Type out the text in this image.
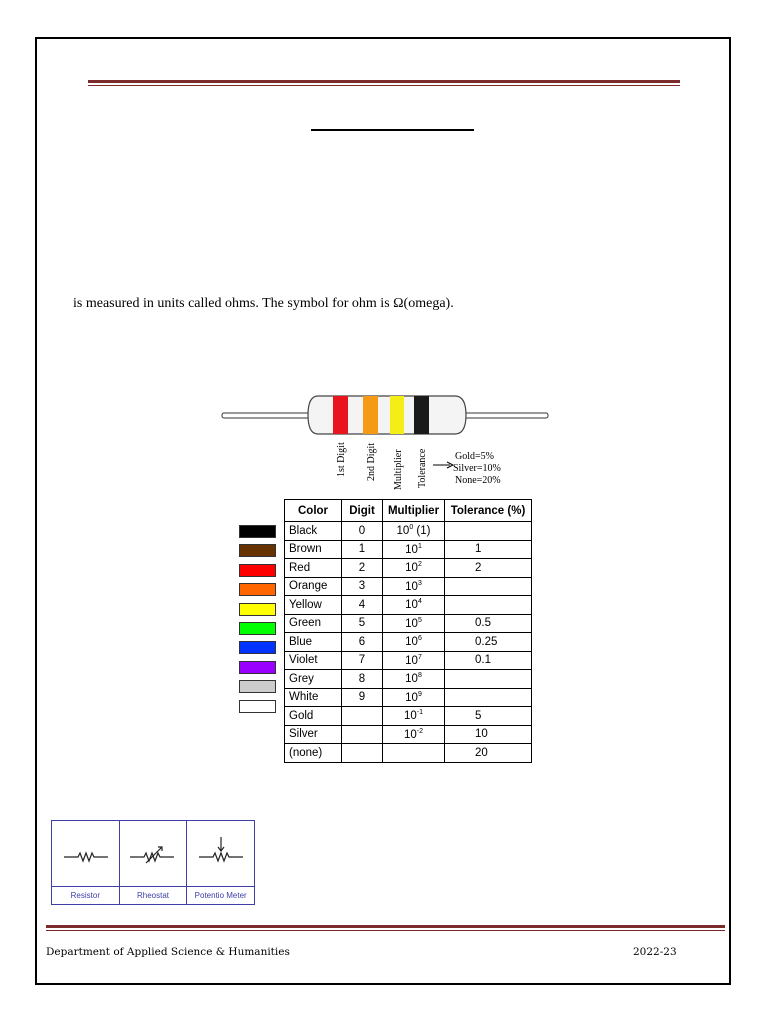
is measured in units called ohms. The symbol for ohm is Ω(omega).
1st Digit 2nd Digit Multiplier Tolerance	Gold=5%
Silver=10%
None=20%
Color	Digit	Multiplier	Tolerance (%)
Black	0	$10^0$ (1)	
Brown	1	$10^1$	1
Red	2	$10^2$	2
Orange	3	$10^3$	
Yellow	4	$10^4$	
Green	5	$10^5$	0.5
Blue	6	$10^6$	0.25
Violet	7	$10^7$	0.1
Grey	8	$10^8$	
White	9	$10^9$	
Gold		$10^{-1}$	5
Silver		$10^{-2}$	10
(none)			20
Resistor	Rheostat	Potentio Meter
Department of Applied Science & Humanities	2022-23
